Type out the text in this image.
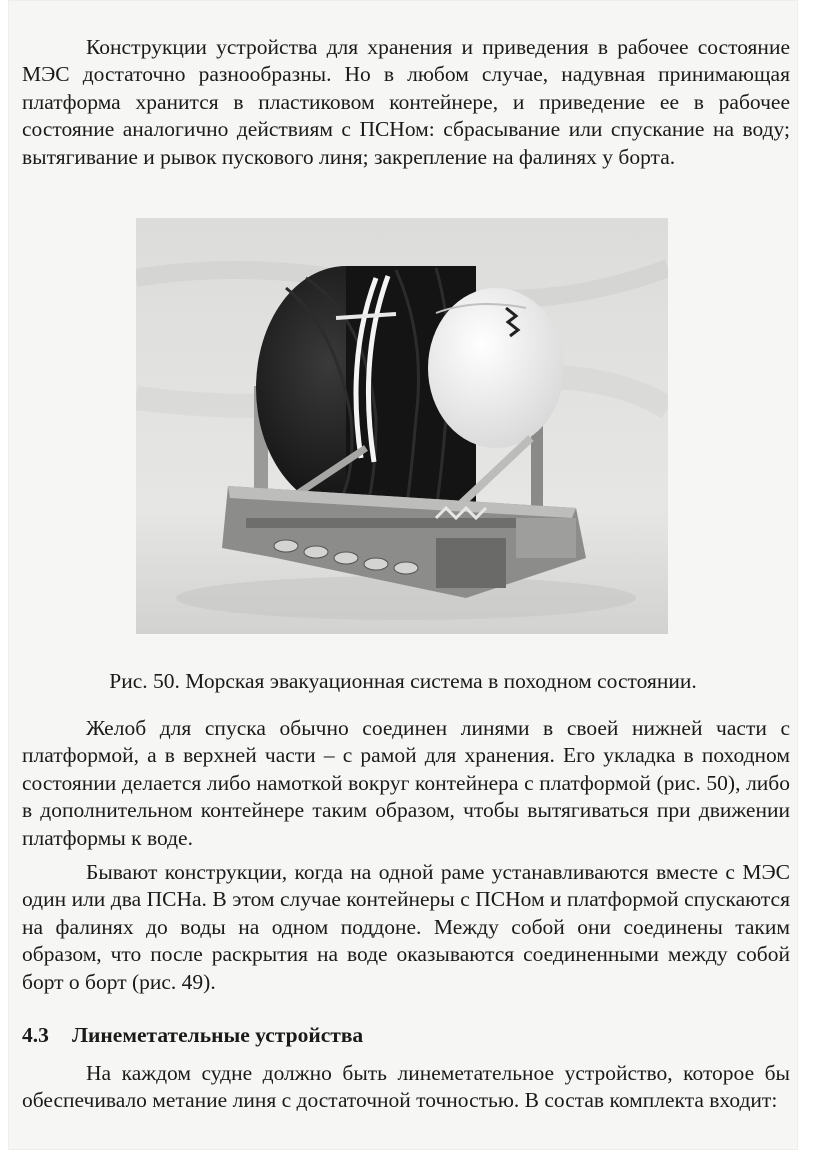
Конструкции устройства для хранения и приведения в рабочее состояние МЭС достаточно разнообразны. Но в любом случае, надувная принимающая платформа хранится в пластиковом контейнере, и приведение ее в рабочее состояние аналогично действиям с ПСНом: сбрасывание или спускание на воду; вытягивание и рывок пускового линя; закрепление на фалинях у борта.

Рис. 50. Морская эвакуационная система в походном состоянии.

Желоб для спуска обычно соединен линями в своей нижней части с платформой, а в верхней части – с рамой для хранения. Его укладка в походном состоянии делается либо намоткой вокруг контейнера с платформой (рис. 50), либо в дополнительном контейнере таким образом, чтобы вытягиваться при движении платформы к воде.

Бывают конструкции, когда на одной раме устанавливаются вместе с МЭС один или два ПСНа. В этом случае контейнеры с ПСНом и платформой спускаются на фалинях до воды на одном поддоне. Между собой они соединены таким образом, что после раскрытия на воде оказываются соединенными между собой борт о борт (рис. 49).

4.3	Линеметательные устройства

На каждом судне должно быть линеметательное устройство, которое бы обеспечивало метание линя с достаточной точностью. В состав комплекта входит:
